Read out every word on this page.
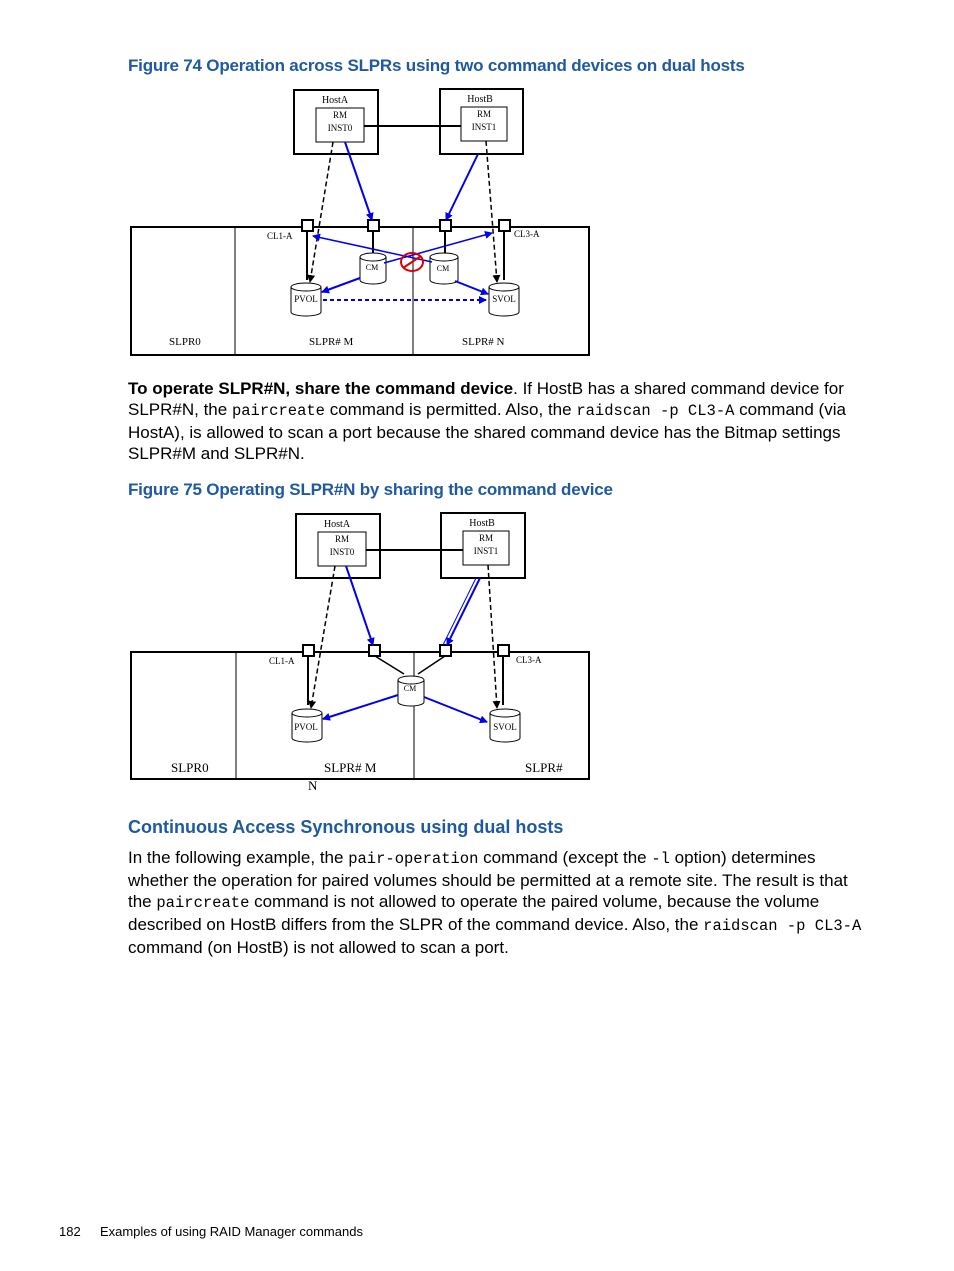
Figure 74 Operation across SLPRs using two command devices on dual hosts
HostA
RM
INST0
HostB
RM
INST1
CL1-A	CL3-A
CM	CM
PVOL	SVOL
SLPR0	SLPR# M	SLPR# N
To operate SLPR#N, share the command device. If HostB has a shared command device for SLPR#N, the paircreate command is permitted. Also, the raidscan -p CL3-A command (via HostA), is allowed to scan a port because the shared command device has the Bitmap settings SLPR#M and SLPR#N.
Figure 75 Operating SLPR#N by sharing the command device
HostA
RM
INST0
HostB
RM
INST1
CL1-A	CL3-A
CM
PVOL	SVOL
SLPR0	SLPR# M	SLPR#
N
Continuous Access Synchronous using dual hosts
In the following example, the pair-operation command (except the -l option) determines whether the operation for paired volumes should be permitted at a remote site. The result is that the paircreate command is not allowed to operate the paired volume, because the volume described on HostB differs from the SLPR of the command device. Also, the raidscan -p CL3-A command (on HostB) is not allowed to scan a port.
182 Examples of using RAID Manager commands
